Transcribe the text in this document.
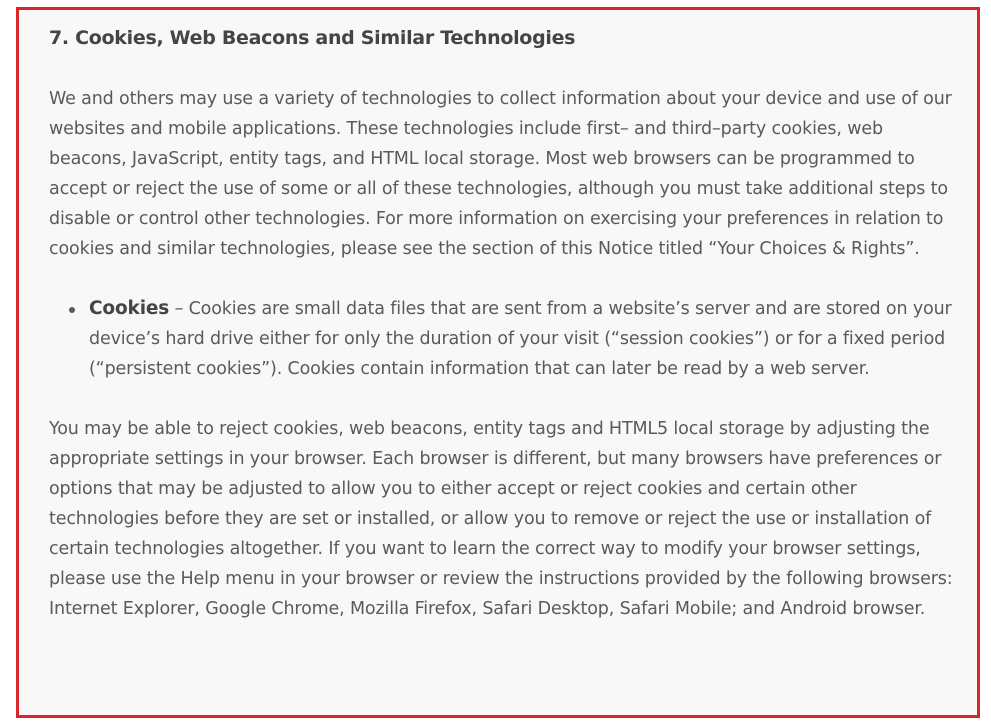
7. Cookies, Web Beacons and Similar Technologies

We and others may use a variety of technologies to collect information about your device and use of our websites and mobile applications. These technologies include first– and third–party cookies, web beacons, JavaScript, entity tags, and HTML local storage. Most web browsers can be programmed to accept or reject the use of some or all of these technologies, although you must take additional steps to disable or control other technologies. For more information on exercising your preferences in relation to cookies and similar technologies, please see the section of this Notice titled “Your Choices & Rights”.

Cookies – Cookies are small data files that are sent from a website’s server and are stored on your device’s hard drive either for only the duration of your visit (“session cookies”) or for a fixed period (“persistent cookies”). Cookies contain information that can later be read by a web server.

You may be able to reject cookies, web beacons, entity tags and HTML5 local storage by adjusting the appropriate settings in your browser. Each browser is different, but many browsers have preferences or options that may be adjusted to allow you to either accept or reject cookies and certain other technologies before they are set or installed, or allow you to remove or reject the use or installation of certain technologies altogether. If you want to learn the correct way to modify your browser settings, please use the Help menu in your browser or review the instructions provided by the following browsers: Internet Explorer, Google Chrome, Mozilla Firefox, Safari Desktop, Safari Mobile; and Android browser.
